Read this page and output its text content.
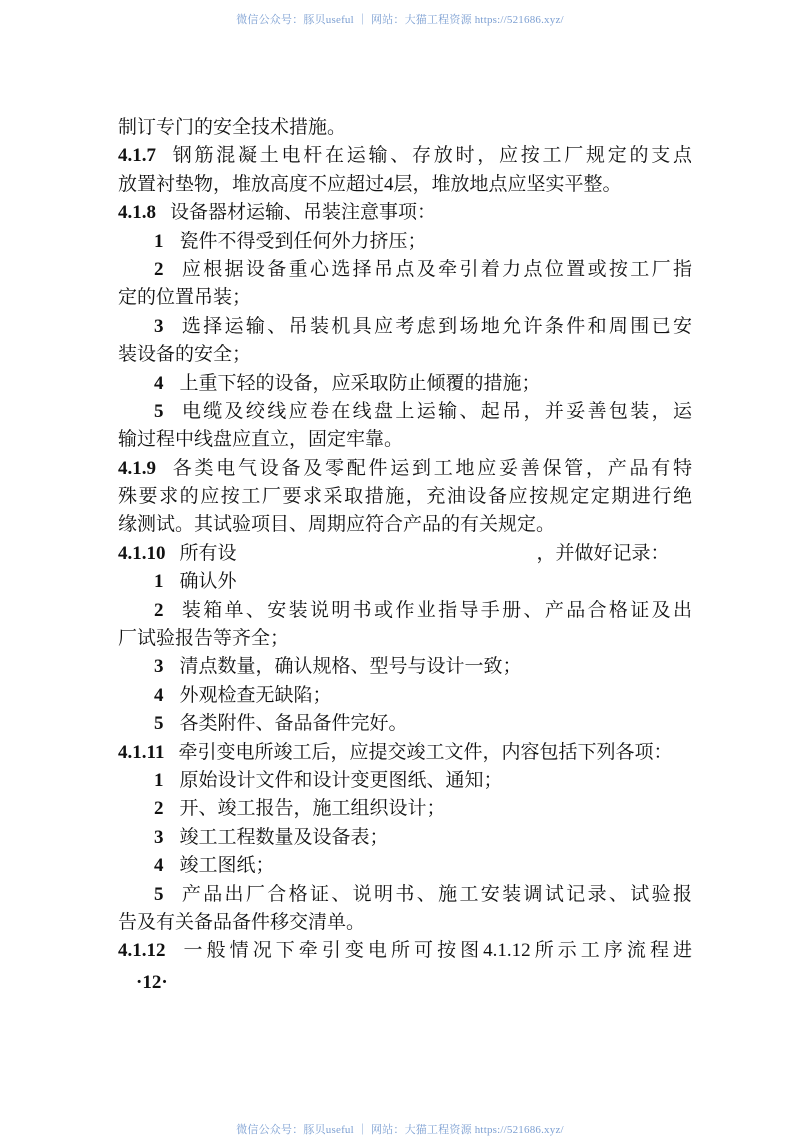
微信公众号：豚贝useful ｜ 网站：大猫工程资源 https://521686.xyz/
制订专门的安全技术措施。
4.1.7 钢筋混凝土电杆在运输、存放时，应按工厂规定的支点
放置衬垫物，堆放高度不应超过4层，堆放地点应坚实平整。
4.1.8 设备器材运输、吊装注意事项：
1 瓷件不得受到任何外力挤压；
2 应根据设备重心选择吊点及牵引着力点位置或按工厂指
定的位置吊装；
3 选择运输、吊装机具应考虑到场地允许条件和周围已安
装设备的安全；
4 上重下轻的设备，应采取防止倾覆的措施；
5 电缆及绞线应卷在线盘上运输、起吊，并妥善包装，运
输过程中线盘应直立，固定牢靠。
4.1.9 各类电气设备及零配件运到工地应妥善保管，产品有特
殊要求的应按工厂要求采取措施，充油设备应按规定定期进行绝
缘测试。其试验项目、周期应符合产品的有关规定。
4.1.10 所有设	，并做好记录：
1 确认外
2 装箱单、安装说明书或作业指导手册、产品合格证及出
厂试验报告等齐全；
3 清点数量，确认规格、型号与设计一致；
4 外观检查无缺陷；
5 各类附件、备品备件完好。
4.1.11 牵引变电所竣工后，应提交竣工文件，内容包括下列各项：
1 原始设计文件和设计变更图纸、通知；
2 开、竣工报告，施工组织设计；
3 竣工工程数量及设备表；
4 竣工图纸；
5 产品出厂合格证、说明书、施工安装调试记录、试验报
告及有关备品备件移交清单。
4.1.12 一般情况下牵引变电所可按图4.1.12所示工序流程进
·12·
微信公众号：豚贝useful ｜ 网站：大猫工程资源 https://521686.xyz/
